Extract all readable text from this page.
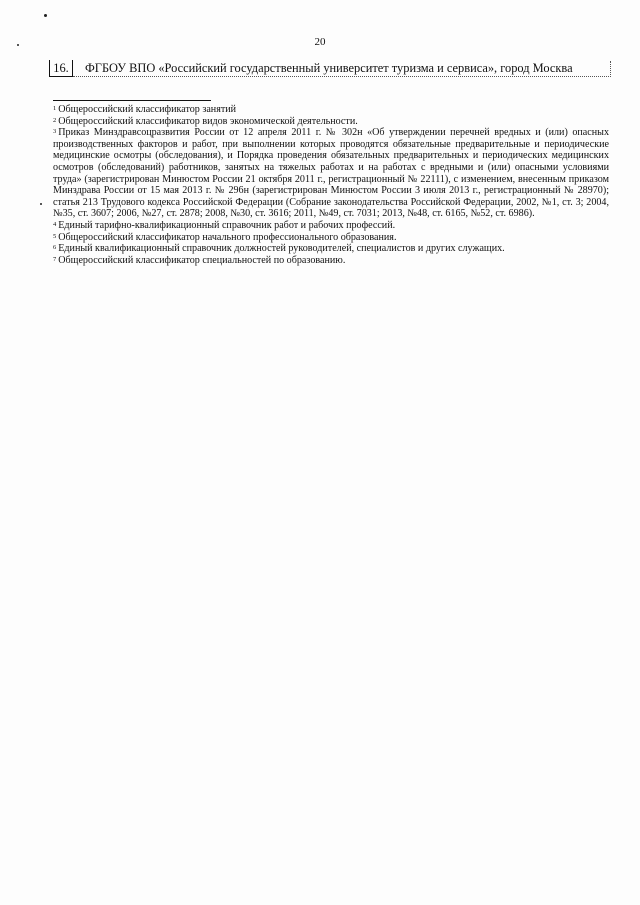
20
16.	ФГБОУ ВПО «Российский государственный университет туризма и сервиса», город Москва

$^1$ Общероссийский классификатор занятий

$^2$ Общероссийский классификатор видов экономической деятельности.

$^3$ Приказ Минздравсоцразвития России от 12 апреля 2011 г. № 302н «Об утверждении перечней вредных и (или) опасных производственных факторов и работ, при выполнении которых проводятся обязательные предварительные и периодические медицинские осмотры (обследования), и Порядка проведения обязательных предварительных и периодических медицинских осмотров (обследований) работников, занятых на тяжелых работах и на работах с вредными и (или) опасными условиями труда» (зарегистрирован Минюстом России 21 октября 2011 г., регистрационный № 22111), с изменением, внесенным приказом Минздрава России от 15 мая 2013 г. № 296н (зарегистрирован Минюстом России 3 июля 2013 г., регистрационный № 28970); статья 213 Трудового кодекса Российской Федерации (Собрание законодательства Российской Федерации, 2002, №1, ст. 3; 2004, №35, ст. 3607; 2006, №27, ст. 2878; 2008, №30, ст. 3616; 2011, №49, ст. 7031; 2013, №48, ст. 6165, №52, ст. 6986).

$^4$ Единый тарифно-квалификационный справочник работ и рабочих профессий.

$^5$ Общероссийский классификатор начального профессионального образования.

$^6$ Единый квалификационный справочник должностей руководителей, специалистов и других служащих.

$^7$ Общероссийский классификатор специальностей по образованию.
